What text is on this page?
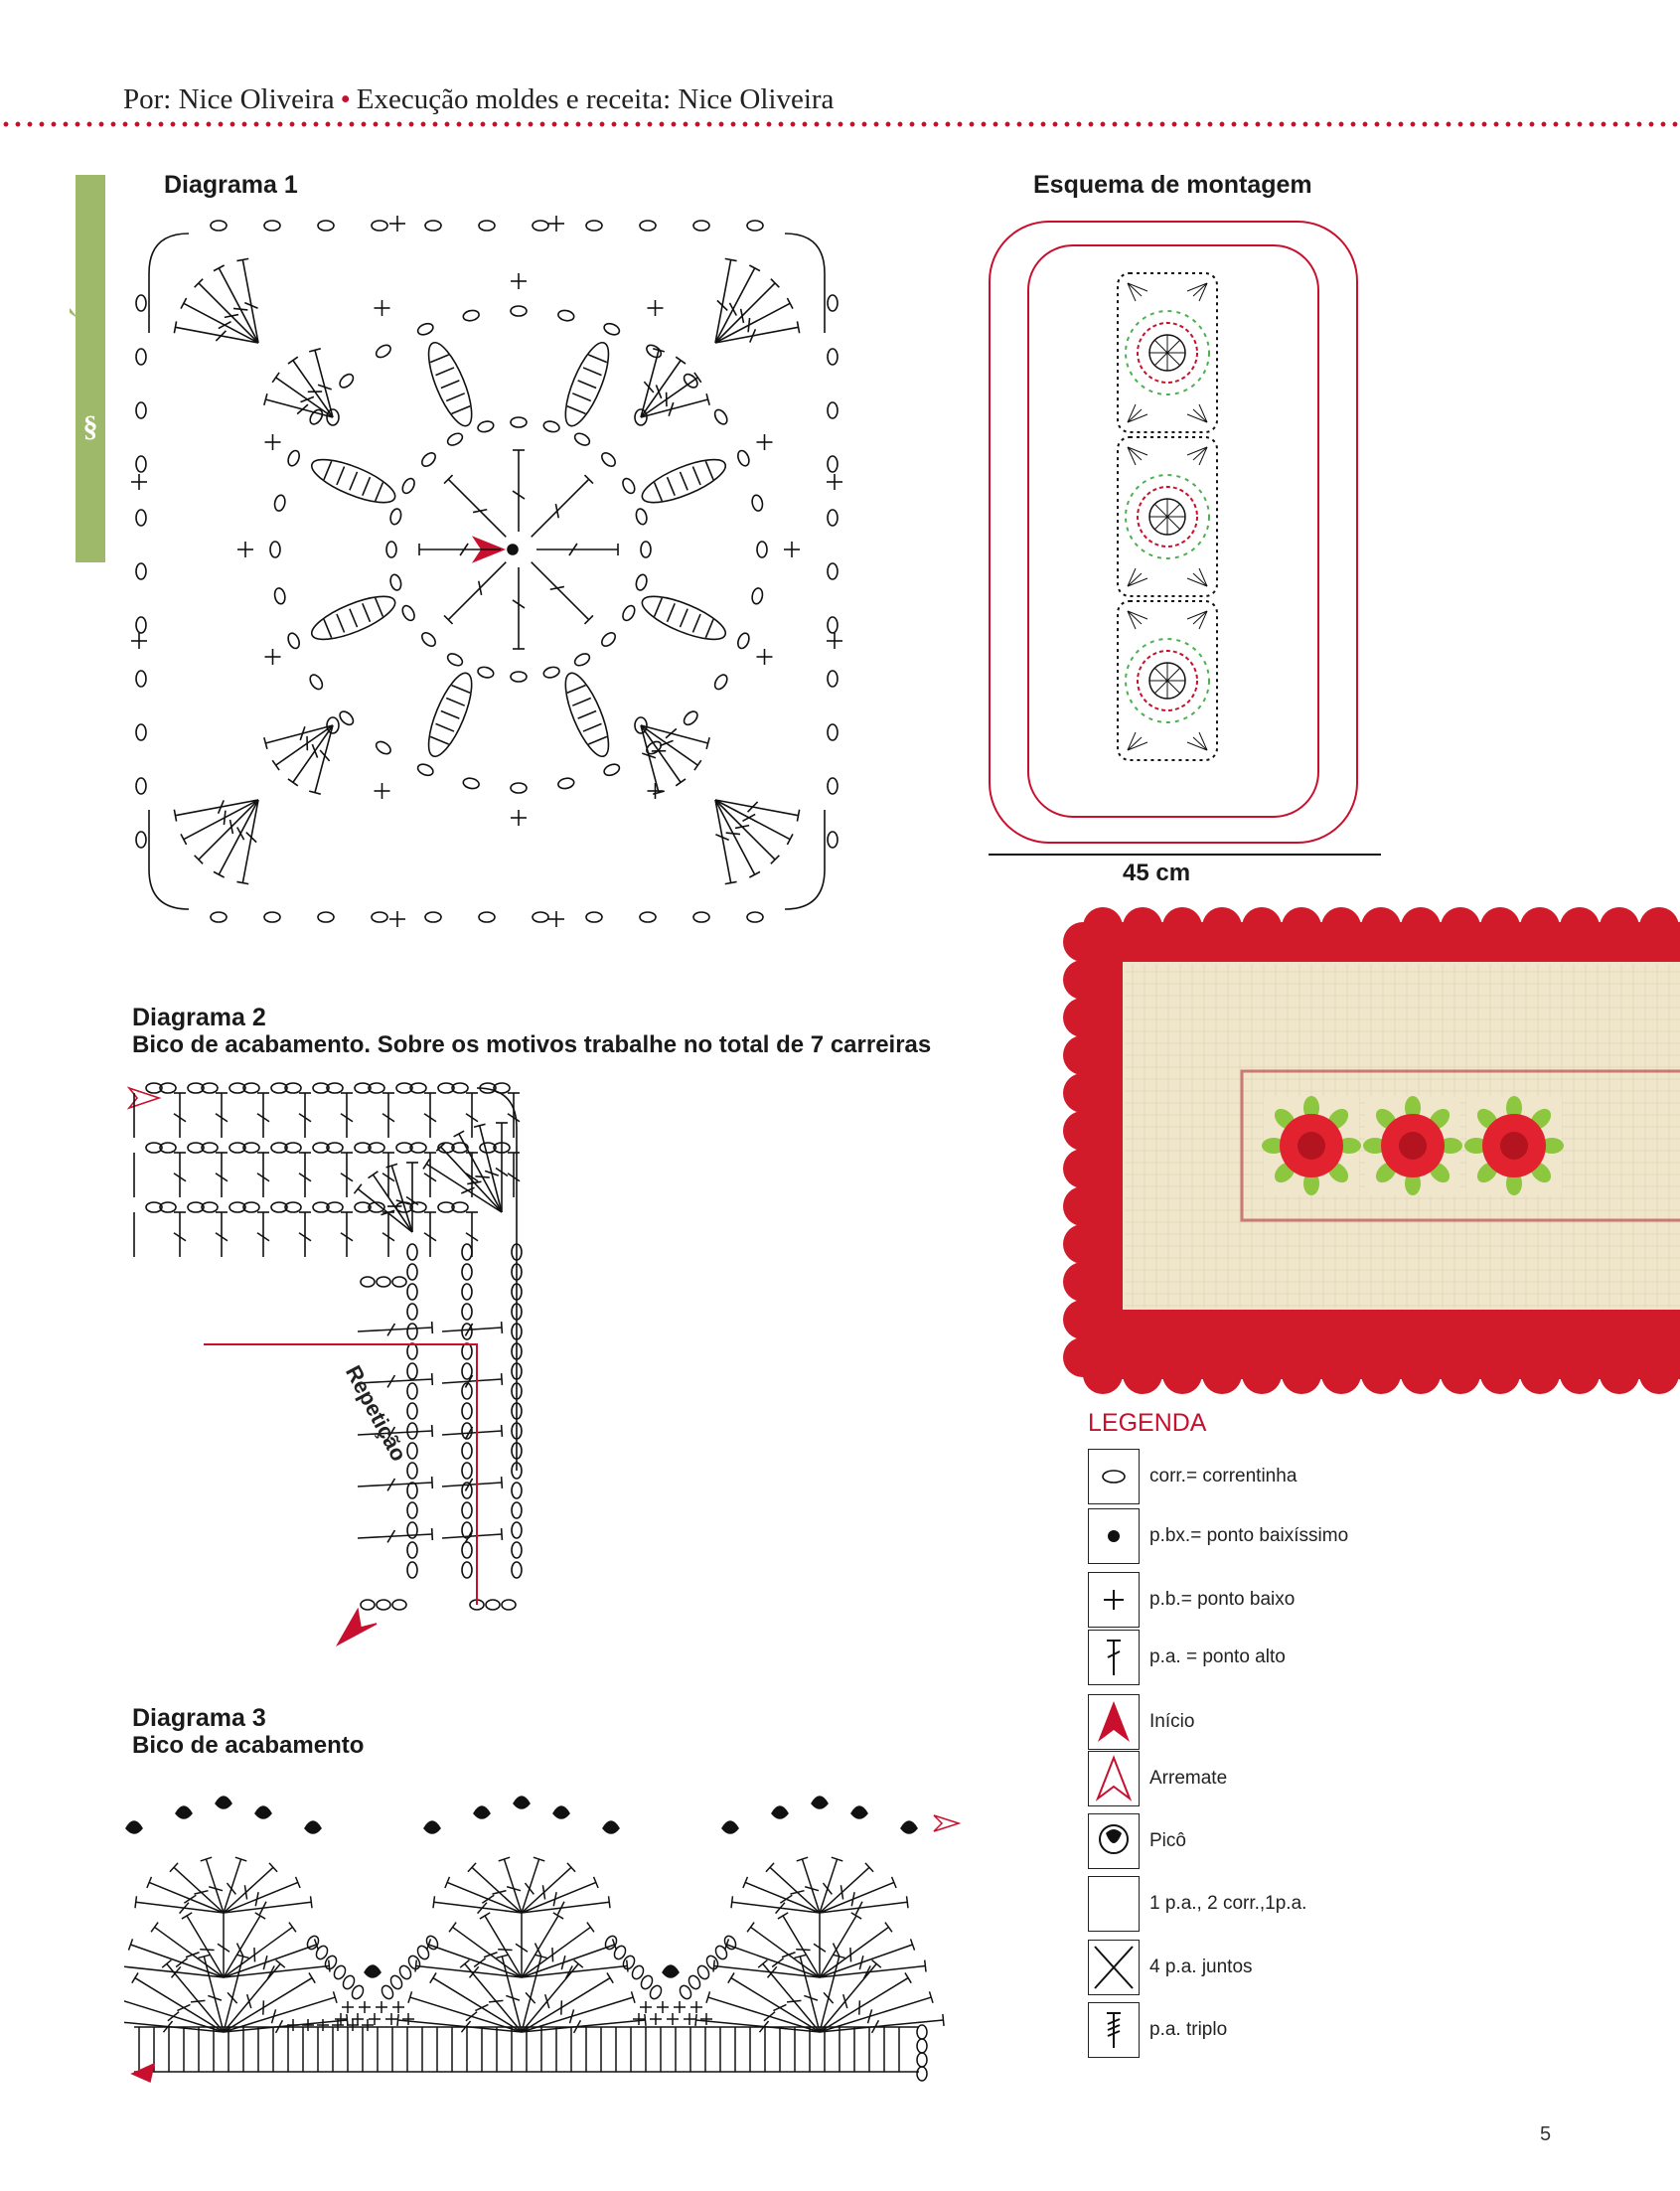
Por: Nice Oliveira • Execução moldes e receita: Nice Oliveira
GRÁFICOS
§
Diagrama 1	Esquema de montagem
45 cm
Diagrama 2
Bico de acabamento. Sobre os motivos trabalhe no total de 7 carreiras
Repetição
Diagrama 3
Bico de acabamento
LEGENDA
corr.= correntinha
p.bx.= ponto baixíssimo
p.b.= ponto baixo
p.a. = ponto alto
Início
Arremate
Picô
1 p.a., 2 corr.,1p.a.
4 p.a. juntos
p.a. triplo
5
